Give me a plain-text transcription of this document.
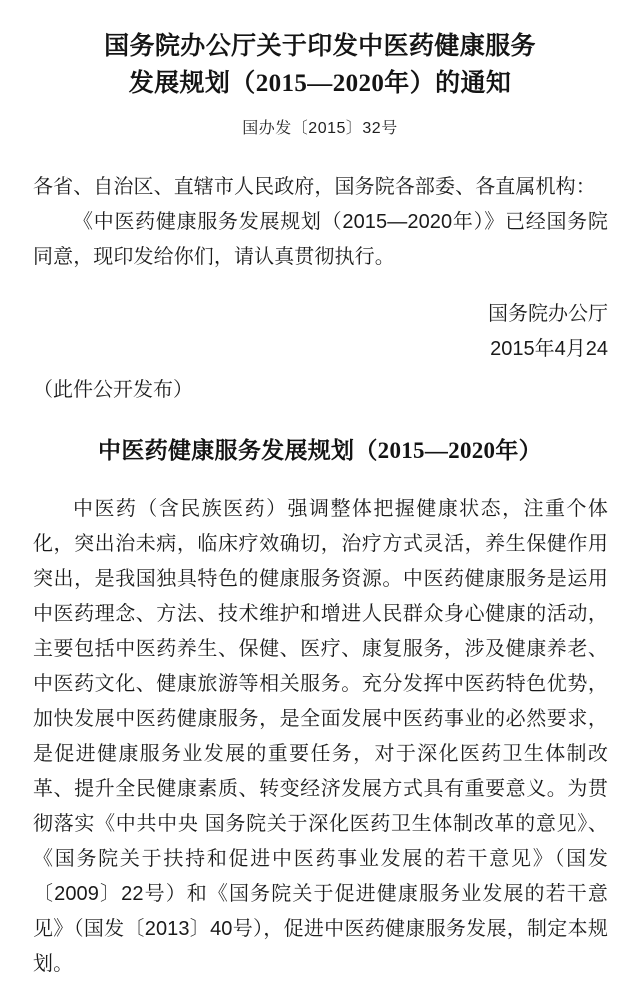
国务院办公厅关于印发中医药健康服务
发展规划（2015—2020年）的通知

国办发〔2015〕32号

各省、自治区、直辖市人民政府，国务院各部委、各直属机构：

《中医药健康服务发展规划（2015—2020年）》已经国务院同意，现印发给你们，请认真贯彻执行。

国务院办公厅
2015年4月24

（此件公开发布）

中医药健康服务发展规划（2015—2020年）

中医药（含民族医药）强调整体把握健康状态，注重个体化，突出治未病，临床疗效确切，治疗方式灵活，养生保健作用突出，是我国独具特色的健康服务资源。中医药健康服务是运用中医药理念、方法、技术维护和增进人民群众身心健康的活动，主要包括中医药养生、保健、医疗、康复服务，涉及健康养老、中医药文化、健康旅游等相关服务。充分发挥中医药特色优势，加快发展中医药健康服务，是全面发展中医药事业的必然要求，是促进健康服务业发展的重要任务，对于深化医药卫生体制改革、提升全民健康素质、转变经济发展方式具有重要意义。为贯彻落实《中共中央 国务院关于深化医药卫生体制改革的意见》、《国务院关于扶持和促进中医药事业发展的若干意见》（国发〔2009〕22号）和《国务院关于促进健康服务业发展的若干意见》（国发〔2013〕40号），促进中医药健康服务发展，制定本规划。
